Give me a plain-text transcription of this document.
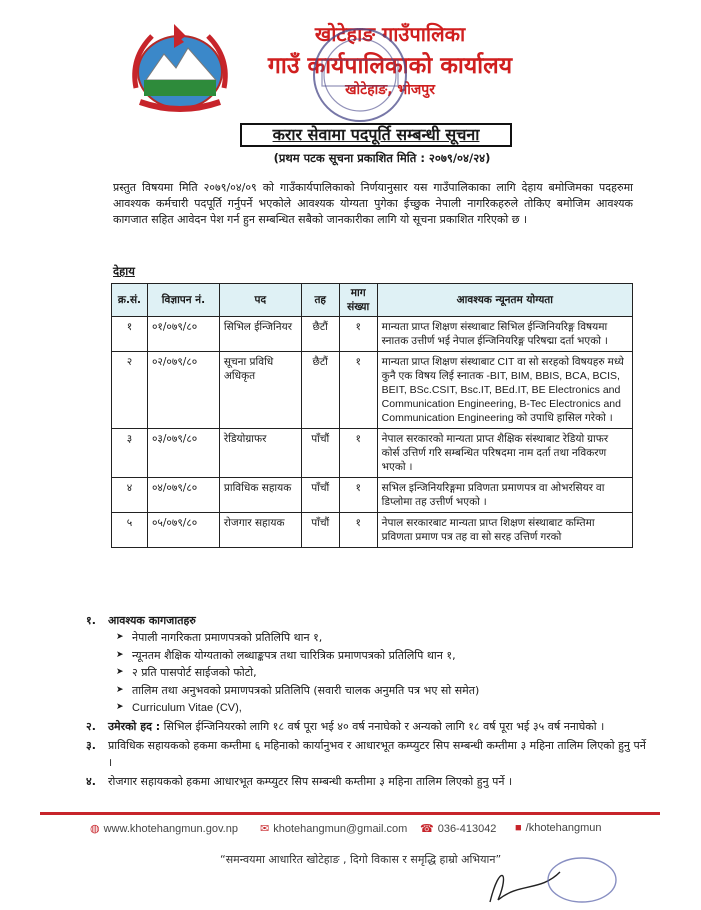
खोटेहाङ गाउँपालिका
गाउँ कार्यपालिकाको कार्यालय
खोटेहाङ, भोजपुर
करार सेवामा पदपूर्ति सम्बन्धी सूचना
(प्रथम पटक सूचना प्रकाशित मिति : २०७९/०४/२४)

प्रस्तुत विषयमा मिति २०७९/०४/०९ को गाउँकार्यपालिकाको निर्णयानुसार यस गाउँपालिकाका लागि देहाय बमोजिमका पदहरुमा आवश्यक कर्मचारी पदपूर्ति गर्नुपर्ने भएकोले आवश्यक योग्यता पुगेका ईच्छुक नेपाली नागरिकहरुले तोकिए बमोजिम आवश्यक कागजात सहित आवेदन पेश गर्न हुन सम्बन्धित सबैको जानकारीका लागि यो सूचना प्रकाशित गरिएको छ ।

देहाय
क्र.सं.	विज्ञापन नं.	पद	तह	माग संख्या	आवश्यक न्यूनतम योग्यता
१	०१/०७९/८०	सिभिल ईन्जिनियर	छैटौं	१	मान्यता प्राप्त शिक्षण संस्थाबाट सिभिल ईन्जिनियरिङ्ग विषयमा स्नातक उत्तीर्ण भई नेपाल ईन्जिनियरिङ्ग परिषद्मा दर्ता भएको ।
२	०२/०७९/८०	सूचना प्रविधि अधिकृत	छैटौं	१	मान्यता प्राप्त शिक्षण संस्थाबाट CIT वा सो सरहको विषयहरु मध्ये कुनै एक विषय लिई स्नातक -BIT, BIM, BBIS, BCA, BCIS, BEIT, BSc.CSIT, Bsc.IT, BEd.IT, BE Electronics and Communication Engineering, B-Tec Electronics and Communication Engineering को उपाधि हासिल गरेको ।
३	०३/०७९/८०	रेडियोग्राफर	पाँचौं	१	नेपाल सरकारको मान्यता प्राप्त शैक्षिक संस्थाबाट रेडियो ग्राफर कोर्स उत्तिर्ण गरि सम्बन्धित परिषदमा नाम दर्ता तथा नविकरण भएको ।
४	०४/०७९/८०	प्राविधिक सहायक	पाँचौं	१	सभिल इन्जिनियरिङ्गमा प्रविणता प्रमाणपत्र वा ओभरसियर वा डिप्लोमा तह उत्तीर्ण भएको ।
५	०५/०७९/८०	रोजगार सहायक	पाँचौं	१	नेपाल सरकारबाट मान्यता प्राप्त शिक्षण संस्थाबाट कम्तिमा प्रविणता प्रमाण पत्र तह वा सो सरह उत्तिर्ण गरको
१. आवश्यक कागजातहरु
➤ नेपाली नागरिकता प्रमाणपत्रको प्रतिलिपि थान १,
➤ न्यूनतम शैक्षिक योग्यताको लब्धाङ्कपत्र तथा चारित्रिक प्रमाणपत्रको प्रतिलिपि थान १,
➤ २ प्रति पासपोर्ट साईजको फोटो,
➤ तालिम तथा अनुभवको प्रमाणपत्रको प्रतिलिपि (सवारी चालक अनुमति पत्र भए सो समेत)
➤ Curriculum Vitae (CV),
२. उमेरको हद : सिभिल ईन्जिनियरको लागि १८ वर्ष पूरा भई ४० वर्ष ननाघेको र अन्यको लागि १८ वर्ष पूरा भई ३५ वर्ष ननाघेको ।
३. प्राविधिक सहायकको हकमा कम्तीमा ६ महिनाको कार्यानुभव र आधारभूत कम्प्युटर सिप सम्बन्धी कम्तीमा ३ महिना तालिम लिएको हुनु पर्ने ।
४. रोजगार सहायकको हकमा आधारभूत कम्प्युटर सिप सम्बन्धी कम्तीमा ३ महिना तालिम लिएको हुनु पर्ने ।
◍ www.khotehangmun.gov.np ✉ khotehangmun@gmail.com ☎ 036-413042 ■ /khotehangmun
“समन्वयमा आधारित खोटेहाङ , दिगो विकास र समृद्धि हाम्रो अभियान”
